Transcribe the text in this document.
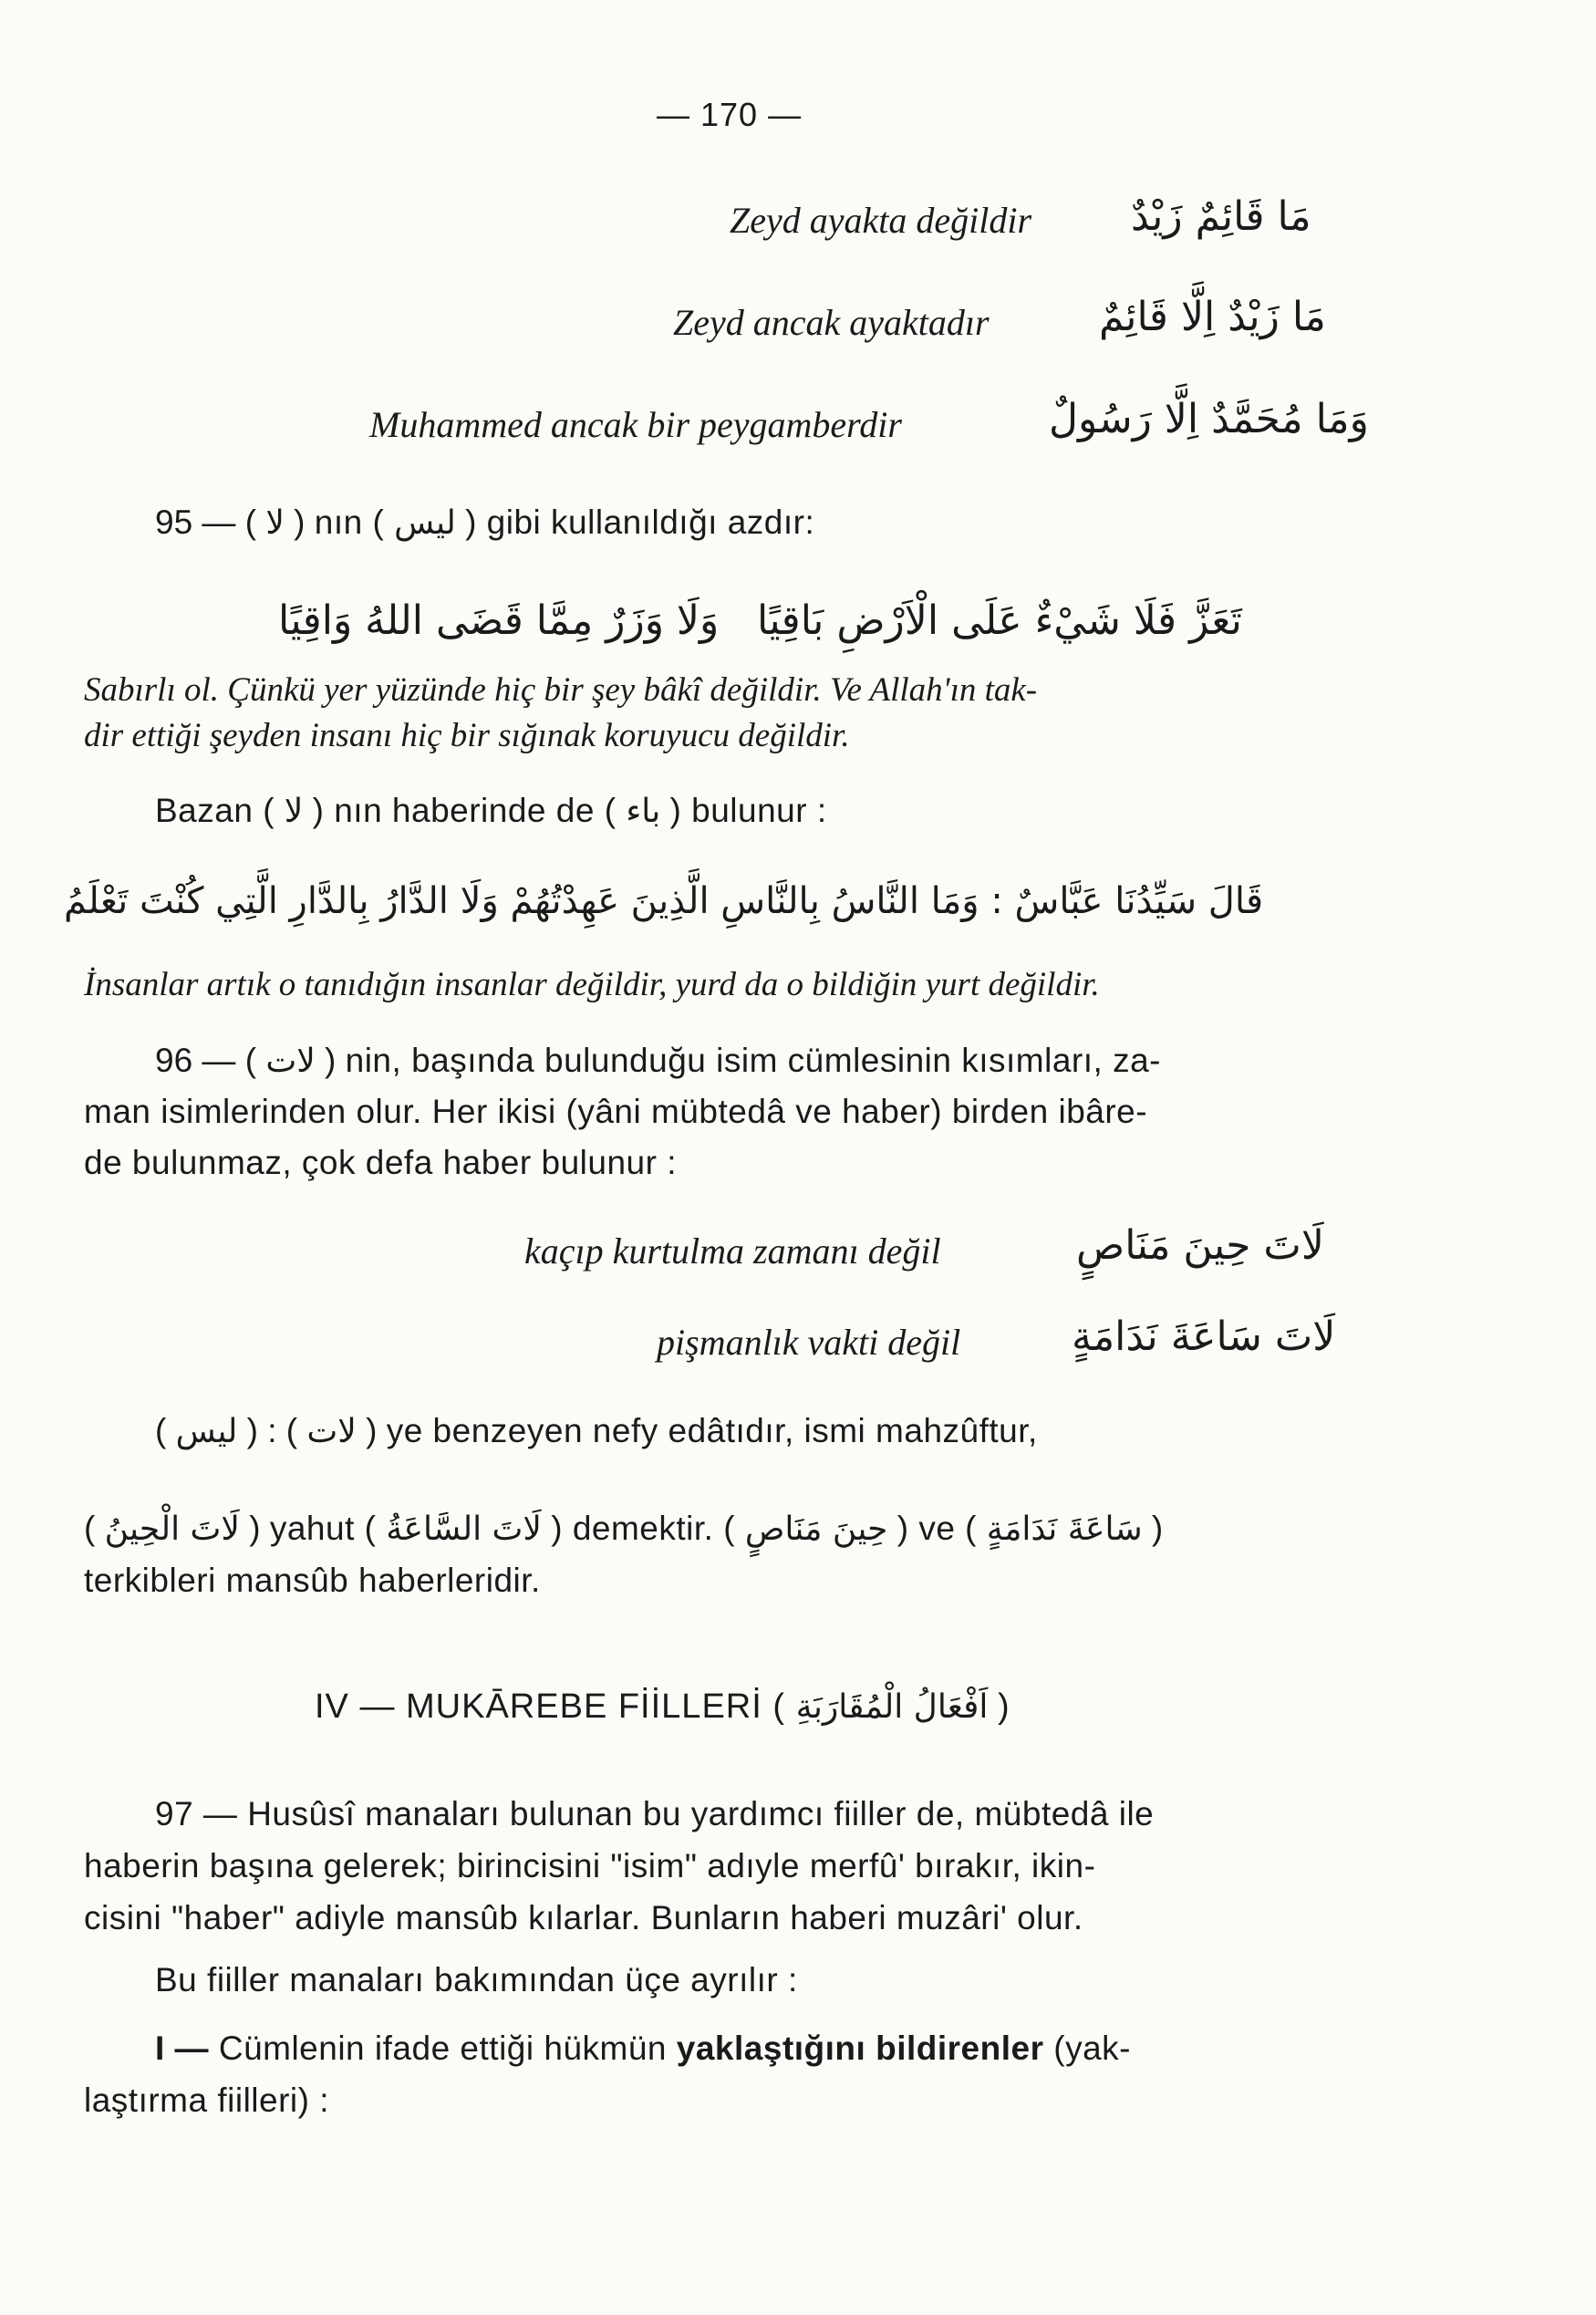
— 170 —
Zeyd ayakta değildir مَا قَائِمٌ زَيْدٌ
Zeyd ancak ayaktadır	مَا زَيْدٌ اِلَّا قَائِمٌ
Muhammed ancak bir peygamberdir	وَمَا مُحَمَّدٌ اِلَّا رَسُولٌ
95 — ( لا ) nın ( ليس ) gibi kullanıldığı azdır:
وَلَا وَزَرٌ مِمَّا قَضَى اللهُ وَاقِيًا تَعَزَّ فَلَا شَيْءٌ عَلَى الْاَرْضِ بَاقِيًا
Sabırlı ol. Çünkü yer yüzünde hiç bir şey bâkî değildir. Ve Allah'ın tak-
dir ettiği şeyden insanı hiç bir sığınak koruyucu değildir.
Bazan ( لا ) nın haberinde de ( باء ) bulunur :
قَالَ سَيِّدُنَا عَبَّاسٌ : وَمَا النَّاسُ بِالنَّاسِ الَّذِينَ عَهِدْتُهُمْ وَلَا الدَّارُ بِالدَّارِ الَّتِي كُنْتَ تَعْلَمُ
İnsanlar artık o tanıdığın insanlar değildir, yurd da o bildiğin yurt değildir.
96 — ( لات ) nin, başında bulunduğu isim cümlesinin kısımları, za-
man isimlerinden olur. Her ikisi (yâni mübtedâ ve haber) birden ibâre-
de bulunmaz, çok defa haber bulunur :
kaçıp kurtulma zamanı değil	لَاتَ حِينَ مَنَاصٍ
pişmanlık vakti değil	لَاتَ سَاعَةَ نَدَامَةٍ
(	لات ) : ( ليس	) ye benzeyen nefy edâtıdır, ismi mahzûftur,
( لَاتَ الْحِينُ ) yahut ( لَاتَ السَّاعَةُ ) demektir. ( حِينَ مَنَاصٍ ) ve ( سَاعَةَ نَدَامَةٍ )
terkibleri mansûb haberleridir.
IV — MUKĀREBE FİİLLERİ ( اَفْعَالُ الْمُقَارَبَةِ )
97 — Husûsî manaları bulunan bu yardımcı fiiller de, mübtedâ ile
haberin başına gelerek; birincisini "isim" adıyle merfû' bırakır, ikin-
cisini "haber" adiyle mansûb kılarlar. Bunların haberi muzâri' olur.
Bu fiiller manaları bakımından üçe ayrılır :
I — Cümlenin ifade ettiği hükmün yaklaştığını bildirenler (yak-
laştırma fiilleri) :
